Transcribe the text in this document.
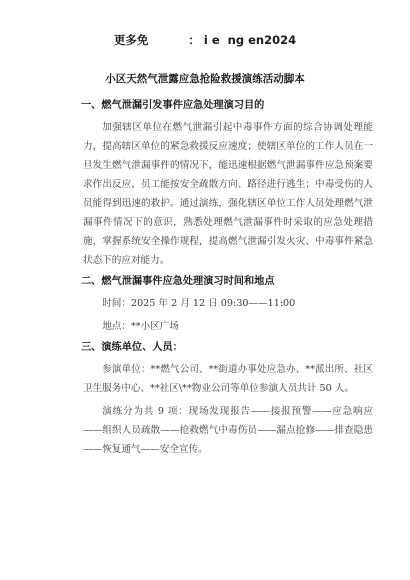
更多免          ： i e  ng en2024
小区天然气泄露应急抢险救援演练活动脚本
一、燃气泄漏引发事件应急处理演习目的

加强辖区单位在燃气泄漏引起中毒事件方面的综合协调处理能力，提高辖区单位的紧急救援反应速度；使辖区单位的工作人员在一旦发生燃气泄漏事件的情况下，能迅速根据燃气泄漏事件应急预案要求作出反应，员工能按安全疏散方向、路径进行逃生；中毒受伤的人员能得到迅速的救护。通过演练，强化辖区单位工作人员处理燃气泄漏事件情况下的意识，熟悉处理燃气泄漏事件时采取的应急处理措施，掌握系统安全操作规程，提高燃气泄漏引发火灾、中毒事件紧急状态下的应对能力。

二、燃气泄漏事件应急处理演习时间和地点

时间：2025 年 2 月 12 日 09:30——11:00

地点：**小区广场

三、演练单位、人员：

参演单位：**燃气公司、**街道办事处应急办、**派出所、社区卫生服务中心、**社区\**物业公司等单位参演人员共计 50 人。

演练分为共 9 项：现场发现报告——接报预警——应急响应——组织人员疏散——抢救燃气中毒伤员——漏点抢修——排查隐患——恢复通气——安全宣传。
